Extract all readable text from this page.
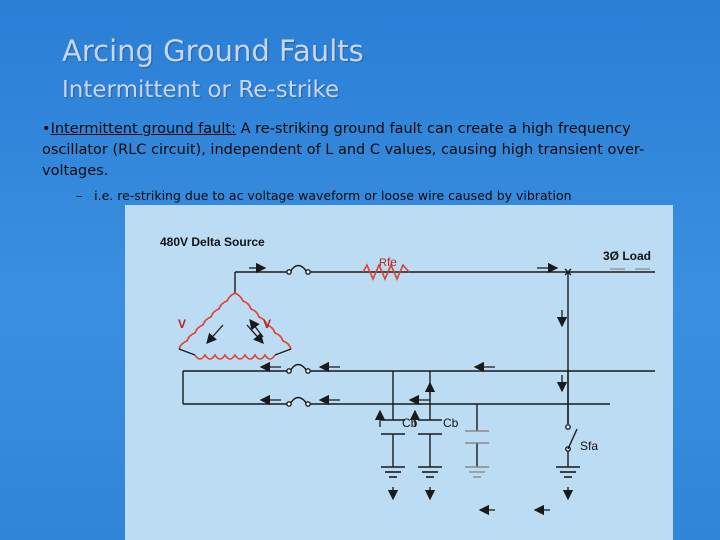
Arcing Ground Faults
Intermittent or Re-strike
•Intermittent ground fault: A re-striking ground fault can create a high frequency oscillator (RLC circuit), independent of L and C values, causing high transient over-voltages.
– i.e. re-striking due to ac voltage waveform or loose wire caused by vibration
480V Delta Source
3Ø Load
Rfe
V	V
Cb Cb
Sfa
